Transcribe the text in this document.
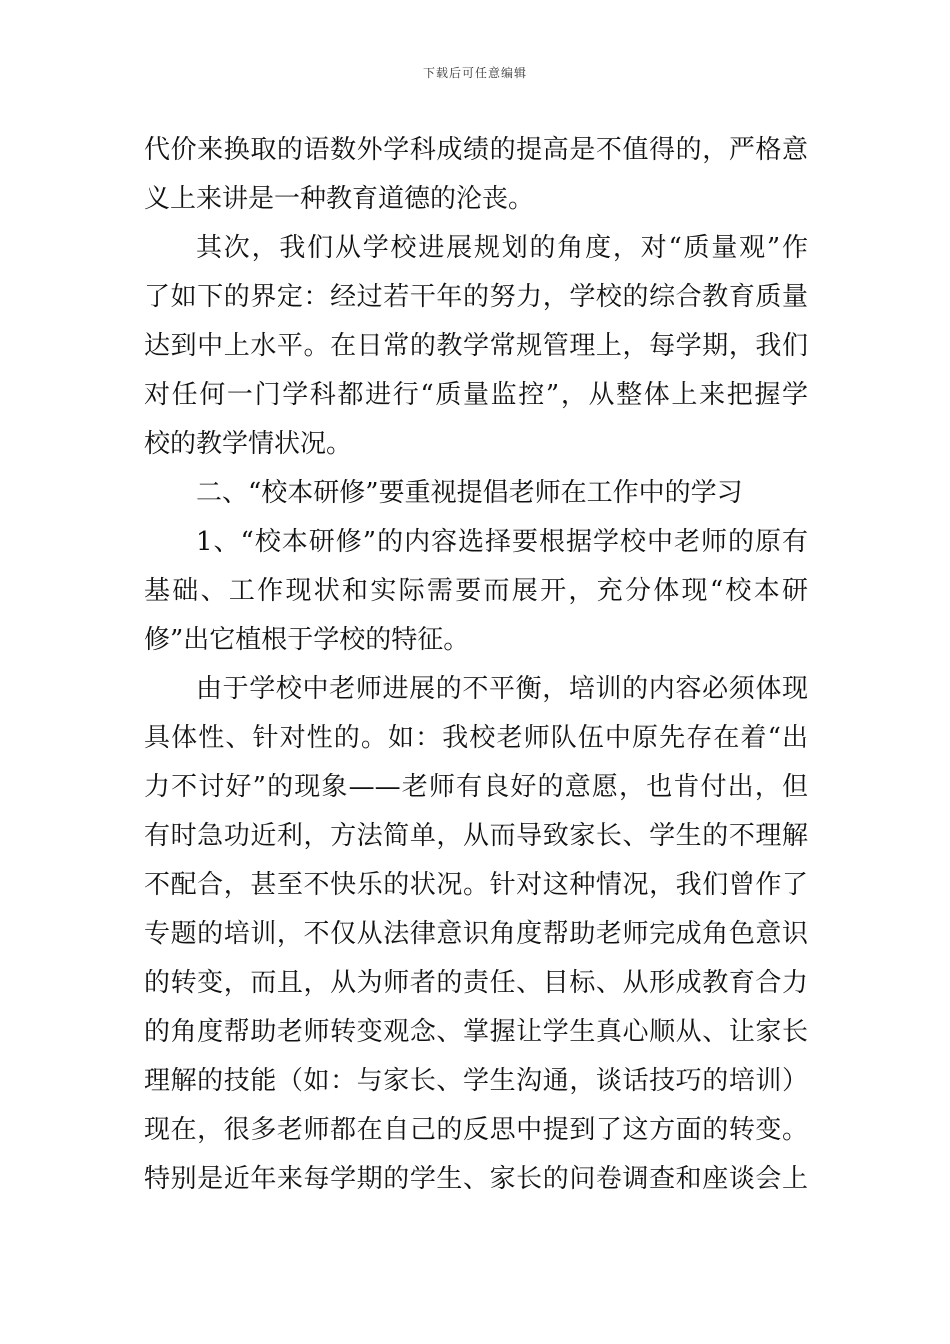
下载后可任意编辑
代价来换取的语数外学科成绩的提高是不值得的，严格意
义上来讲是一种教育道德的沦丧。
其次，我们从学校进展规划的角度，对“质量观”作
了如下的界定：经过若干年的努力，学校的综合教育质量
达到中上水平。在日常的教学常规管理上，每学期，我们
对任何一门学科都进行“质量监控”，从整体上来把握学
校的教学情状况。
二、“校本研修”要重视提倡老师在工作中的学习
1、“校本研修”的内容选择要根据学校中老师的原有
基础、工作现状和实际需要而展开，充分体现“校本研
修”出它植根于学校的特征。
由于学校中老师进展的不平衡，培训的内容必须体现
具体性、针对性的。如：我校老师队伍中原先存在着“出
力不讨好”的现象——老师有良好的意愿，也肯付出，但
有时急功近利，方法简单，从而导致家长、学生的不理解
不配合，甚至不快乐的状况。针对这种情况，我们曾作了
专题的培训，不仅从法律意识角度帮助老师完成角色意识
的转变，而且，从为师者的责任、目标、从形成教育合力
的角度帮助老师转变观念、掌握让学生真心顺从、让家长
理解的技能（如：与家长、学生沟通，谈话技巧的培训）
现在，很多老师都在自己的反思中提到了这方面的转变。
特别是近年来每学期的学生、家长的问卷调查和座谈会上
